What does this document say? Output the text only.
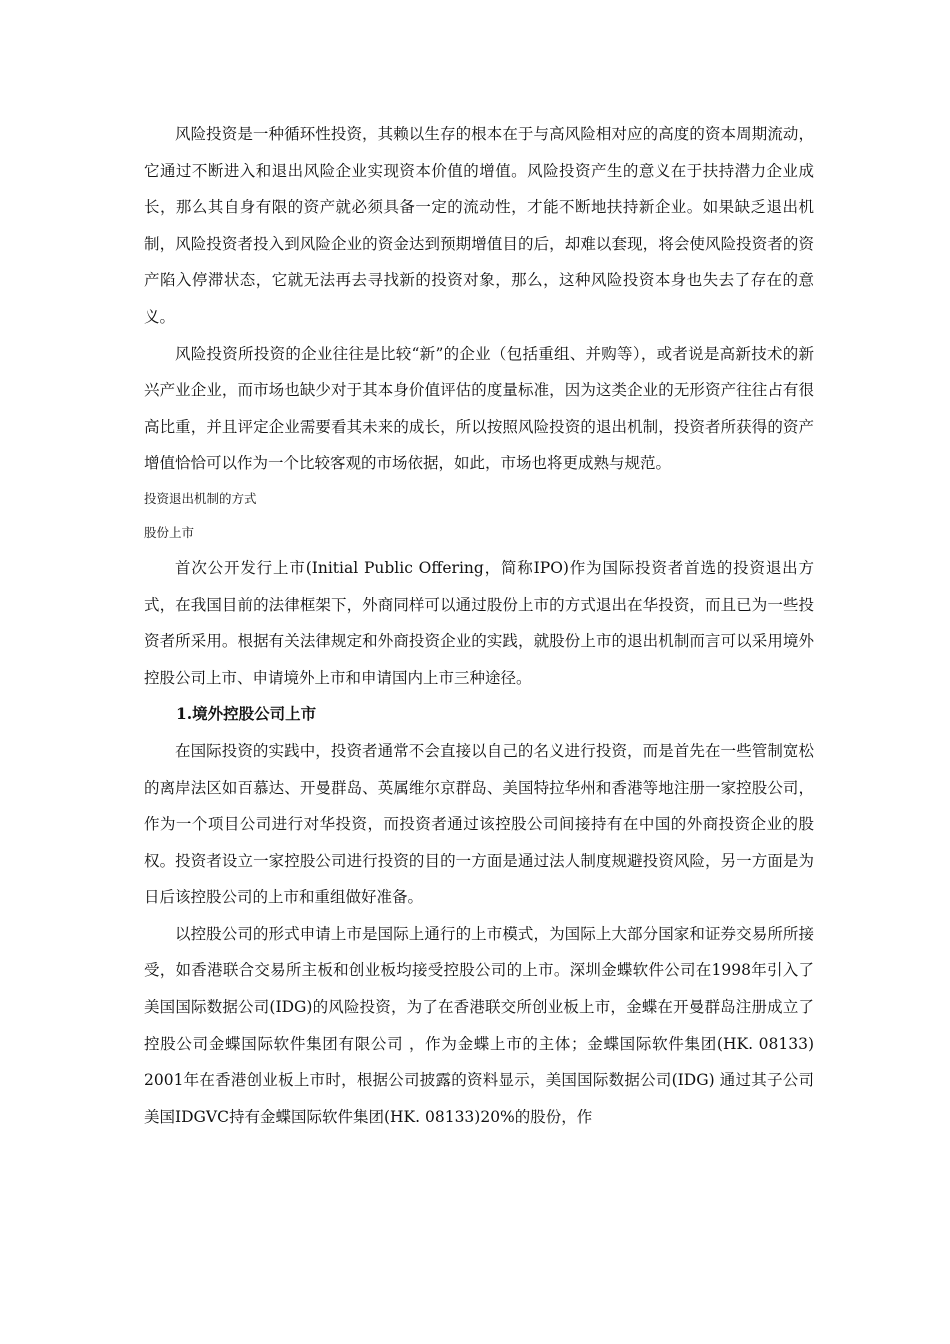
风险投资是一种循环性投资，其赖以生存的根本在于与高风险相对应的高度的资本周期流动，它通过不断进入和退出风险企业实现资本价值的增值。风险投资产生的意义在于扶持潜力企业成长，那么其自身有限的资产就必须具备一定的流动性，才能不断地扶持新企业。如果缺乏退出机制，风险投资者投入到风险企业的资金达到预期增值目的后，却难以套现，将会使风险投资者的资产陷入停滞状态，它就无法再去寻找新的投资对象，那么，这种风险投资本身也失去了存在的意义。

风险投资所投资的企业往往是比较“新”的企业（包括重组、并购等），或者说是高新技术的新兴产业企业，而市场也缺少对于其本身价值评估的度量标准，因为这类企业的无形资产往往占有很高比重，并且评定企业需要看其未来的成长，所以按照风险投资的退出机制，投资者所获得的资产增值恰恰可以作为一个比较客观的市场依据，如此，市场也将更成熟与规范。

投资退出机制的方式

股份上市

首次公开发行上市(Initial Public Offering，简称IPO)作为国际投资者首选的投资退出方式，在我国目前的法律框架下，外商同样可以通过股份上市的方式退出在华投资，而且已为一些投资者所采用。根据有关法律规定和外商投资企业的实践，就股份上市的退出机制而言可以采用境外控股公司上市、申请境外上市和申请国内上市三种途径。

1.境外控股公司上市

在国际投资的实践中，投资者通常不会直接以自己的名义进行投资，而是首先在一些管制宽松的离岸法区如百慕达、开曼群岛、英属维尔京群岛、美国特拉华州和香港等地注册一家控股公司，作为一个项目公司进行对华投资，而投资者通过该控股公司间接持有在中国的外商投资企业的股权。投资者设立一家控股公司进行投资的目的一方面是通过法人制度规避投资风险，另一方面是为日后该控股公司的上市和重组做好准备。

以控股公司的形式申请上市是国际上通行的上市模式，为国际上大部分国家和证券交易所所接受，如香港联合交易所主板和创业板均接受控股公司的上市。深圳金蝶软件公司在1998年引入了美国国际数据公司(IDG)的风险投资，为了在香港联交所创业板上市，金蝶在开曼群岛注册成立了控股公司金蝶国际软件集团有限公司 ，作为金蝶上市的主体；金蝶国际软件集团(HK. 08133) 2001年在香港创业板上市时，根据公司披露的资料显示，美国国际数据公司(IDG) 通过其子公司美国IDGVC持有金蝶国际软件集团(HK. 08133)20%的股份，作
